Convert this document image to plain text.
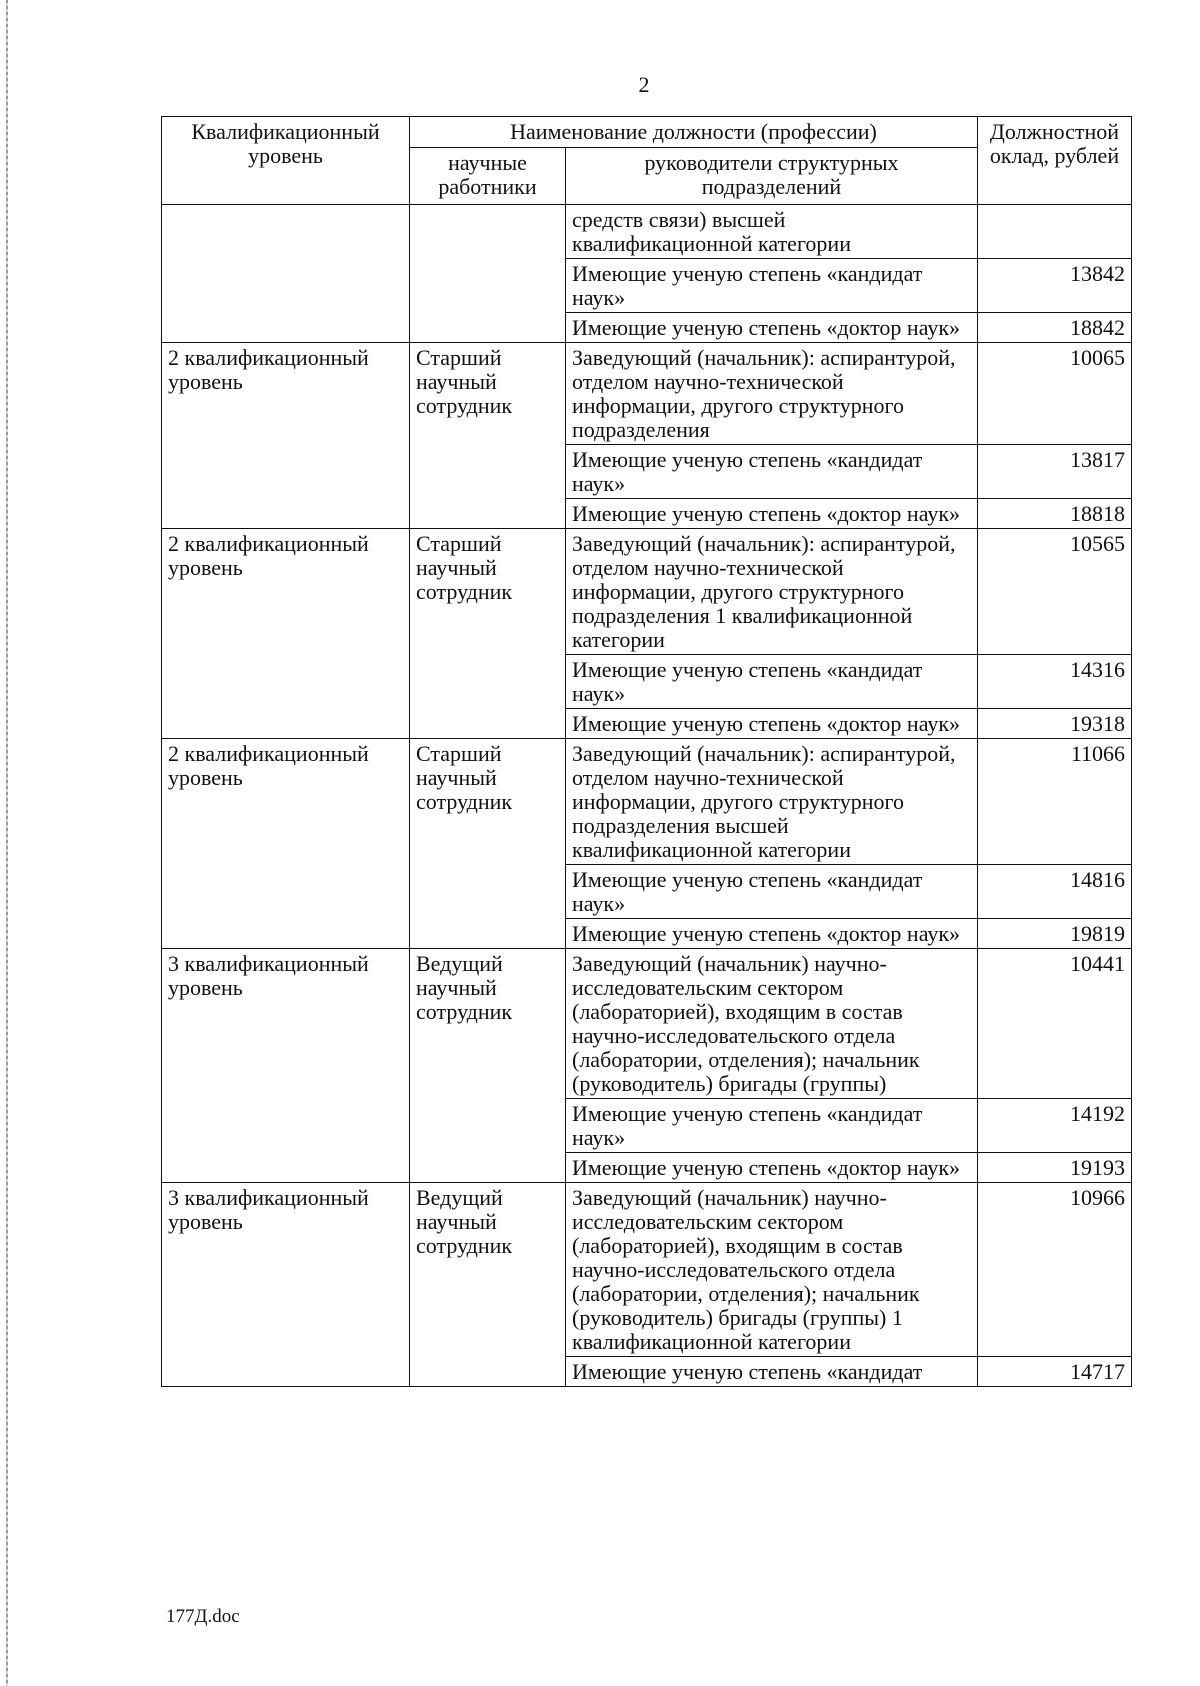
2
Квалификационный уровень	Наименование должности (профессии)		Должностной оклад, рублей
	научные работники	руководители структурных подразделений	
		средств связи) высшей квалификационной категории	
		Имеющие ученую степень «кандидат наук»	13842
		Имеющие ученую степень «доктор наук»	18842
2 квалификационный уровень	Старший научный сотрудник	Заведующий (начальник): аспирантурой, отделом научно-технической информации, другого структурного подразделения	10065
		Имеющие ученую степень «кандидат наук»	13817
		Имеющие ученую степень «доктор наук»	18818
2 квалификационный уровень	Старший научный сотрудник	Заведующий (начальник): аспирантурой, отделом научно-технической информации, другого структурного подразделения 1 квалификационной категории	10565
		Имеющие ученую степень «кандидат наук»	14316
		Имеющие ученую степень «доктор наук»	19318
2 квалификационный уровень	Старший научный сотрудник	Заведующий (начальник): аспирантурой, отделом научно-технической информации, другого структурного подразделения высшей квалификационной категории	11066
		Имеющие ученую степень «кандидат наук»	14816
		Имеющие ученую степень «доктор наук»	19819
3 квалификационный уровень	Ведущий научный сотрудник	Заведующий (начальник) научно-исследовательским сектором (лабораторией), входящим в состав научно-исследовательского отдела (лаборатории, отделения); начальник (руководитель) бригады (группы)	10441
		Имеющие ученую степень «кандидат наук»	14192
		Имеющие ученую степень «доктор наук»	19193
3 квалификационный уровень	Ведущий научный сотрудник	Заведующий (начальник) научно-исследовательским сектором (лабораторией), входящим в состав научно-исследовательского отдела (лаборатории, отделения); начальник (руководитель) бригады (группы) 1 квалификационной категории	10966
		Имеющие ученую степень «кандидат	14717
177Д.doc
